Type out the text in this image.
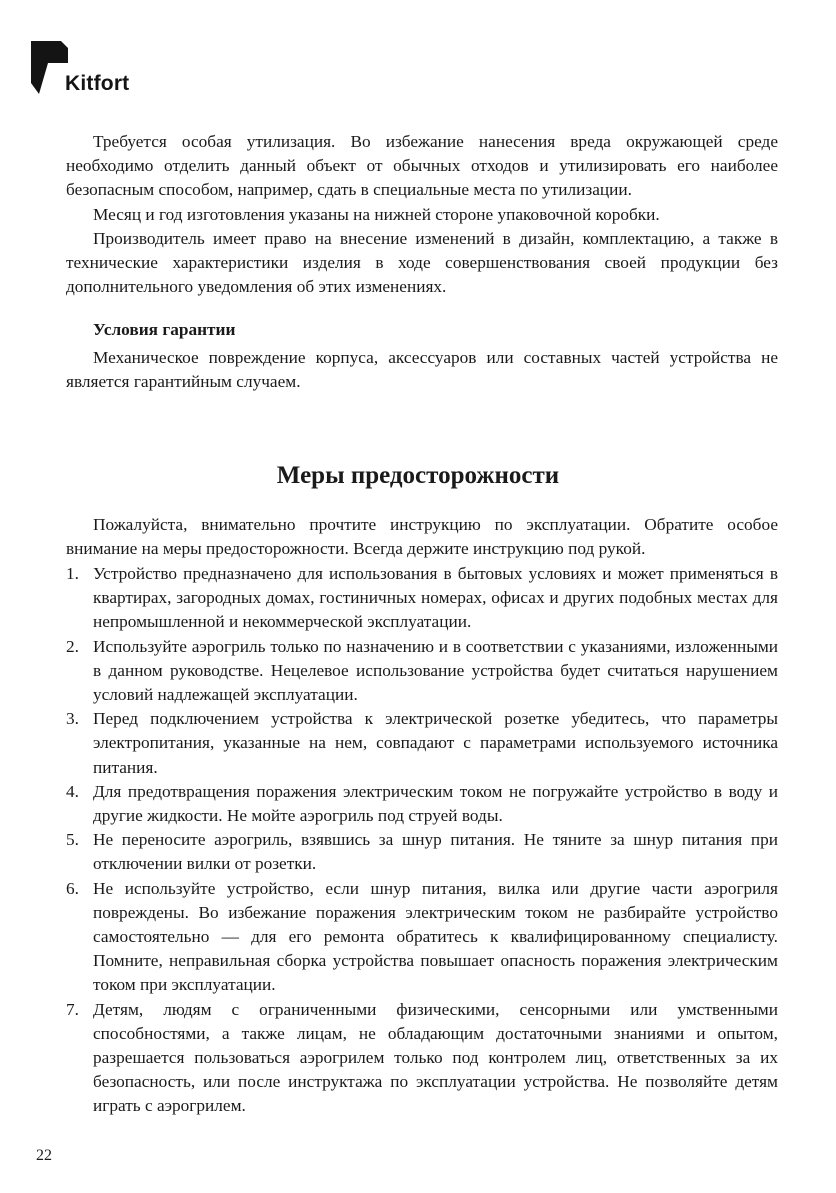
Kitfort

Требуется особая утилизация. Во избежание нанесения вреда окружающей среде необходимо отделить данный объект от обычных отходов и утилизировать его наиболее безопасным способом, например, сдать в специальные места по утилизации.

Месяц и год изготовления указаны на нижней стороне упаковочной коробки.

Производитель имеет право на внесение изменений в дизайн, комплектацию, а также в технические характеристики изделия в ходе совершенствования своей продукции без дополнительного уведомления об этих изменениях.

Условия гарантии

Механическое повреждение корпуса, аксессуаров или составных частей устройства не является гарантийным случаем.

Меры предосторожности

Пожалуйста, внимательно прочтите инструкцию по эксплуатации. Обратите особое внимание на меры предосторожности. Всегда держите инструкцию под рукой.

1. Устройство предназначено для использования в бытовых условиях и может применяться в квартирах, загородных домах, гостиничных номерах, офисах и других подобных местах для непромышленной и некоммерческой эксплуатации.
2. Используйте аэрогриль только по назначению и в соответствии с указаниями, изложенными в данном руководстве. Нецелевое использование устройства будет считаться нарушением условий надлежащей эксплуатации.
3. Перед подключением устройства к электрической розетке убедитесь, что параметры электропитания, указанные на нем, совпадают с параметрами используемого источника питания.
4. Для предотвращения поражения электрическим током не погружайте устройство в воду и другие жидкости. Не мойте аэрогриль под струей воды.
5. Не переносите аэрогриль, взявшись за шнур питания. Не тяните за шнур питания при отключении вилки от розетки.
6. Не используйте устройство, если шнур питания, вилка или другие части аэрогриля повреждены. Во избежание поражения электрическим током не разбирайте устройство самостоятельно — для его ремонта обратитесь к квалифицированному специалисту. Помните, неправильная сборка устройства повышает опасность поражения электрическим током при эксплуатации.
7. Детям, людям с ограниченными физическими, сенсорными или умственными способностями, а также лицам, не обладающим достаточными знаниями и опытом, разрешается пользоваться аэрогрилем только под контролем лиц, ответственных за их безопасность, или после инструктажа по эксплуатации устройства. Не позволяйте детям играть с аэрогрилем.
22
